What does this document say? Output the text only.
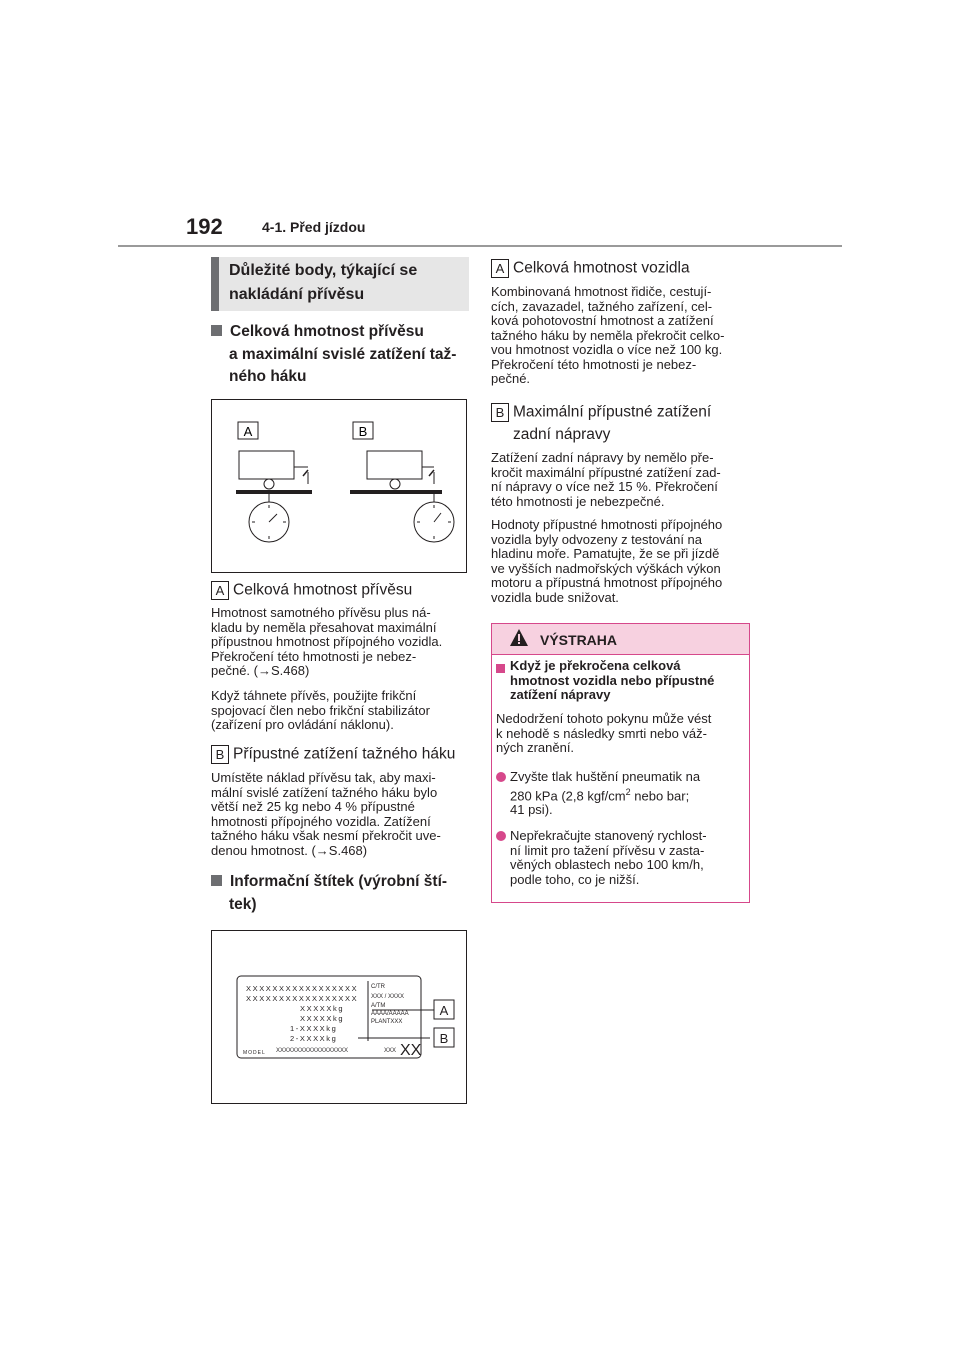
192	4-1. Před jízdou
Důležité body, týkající se
nakládání přívěsu
Celková hmotnost přívěsu
a maximální svislé zatížení taž-
ného háku
A	B
A Celková hmotnost přívěsu
Hmotnost samotného přívěsu plus ná-
kladu by neměla přesahovat maximální
přípustnou hmotnost přípojného vozidla.
Překročení této hmotnosti je nebez-
pečné. (→S.468)
Když táhnete přívěs, použijte frikční
spojovací člen nebo frikční stabilizátor
(zařízení pro ovládání náklonu).
B Přípustné zatížení tažného háku
Umístěte náklad přívěsu tak, aby maxi-
mální svislé zatížení tažného háku bylo
větší než 25 kg nebo 4 % přípustné
hmotnosti přípojného vozidla. Zatížení
tažného háku však nesmí překročit uve-
denou hmotnost. (→S.468)
Informační štítek (výrobní ští-
tek)
XXXXXXXXXXXXXXXXX
XXXXXXXXXXXXXXXXX
XXXXXkg
XXXXXkg
1-XXXXkg
2-XXXXkg
C/TR
XXX / XXXX
A/TM
AAAA/AAAAA
PLANTXXX
MODEL XXXXXXXXXXXXXXXXXX	XXX XX
A
B
A Celková hmotnost vozidla
Kombinovaná hmotnost řidiče, cestují-
cích, zavazadel, tažného zařízení, cel-
ková pohotovostní hmotnost a zatížení
tažného háku by neměla překročit celko-
vou hmotnost vozidla o více než 100 kg.
Překročení této hmotnosti je nebez-
pečné.
B Maximální přípustné zatížení
zadní nápravy
Zatížení zadní nápravy by nemělo pře-
kročit maximální přípustné zatížení zad-
ní nápravy o více než 15 %. Překročení
této hmotnosti je nebezpečné.
Hodnoty přípustné hmotnosti přípojného
vozidla byly odvozeny z testování na
hladinu moře. Pamatujte, že se při jízdě
ve vyšších nadmořských výškách výkon
motoru a přípustná hmotnost přípojného
vozidla bude snižovat.
VÝSTRAHA
Když je překročena celková
hmotnost vozidla nebo přípustné
zatížení nápravy
Nedodržení tohoto pokynu může vést
k nehodě s následky smrti nebo váž-
ných zranění.
Zvyšte tlak huštění pneumatik na
280 kPa (2,8 kgf/$cm^2$ nebo bar;
41 psi).
Nepřekračujte stanovený rychlost-
ní limit pro tažení přívěsu v zasta-
věných oblastech nebo 100 km/h,
podle toho, co je nižší.
